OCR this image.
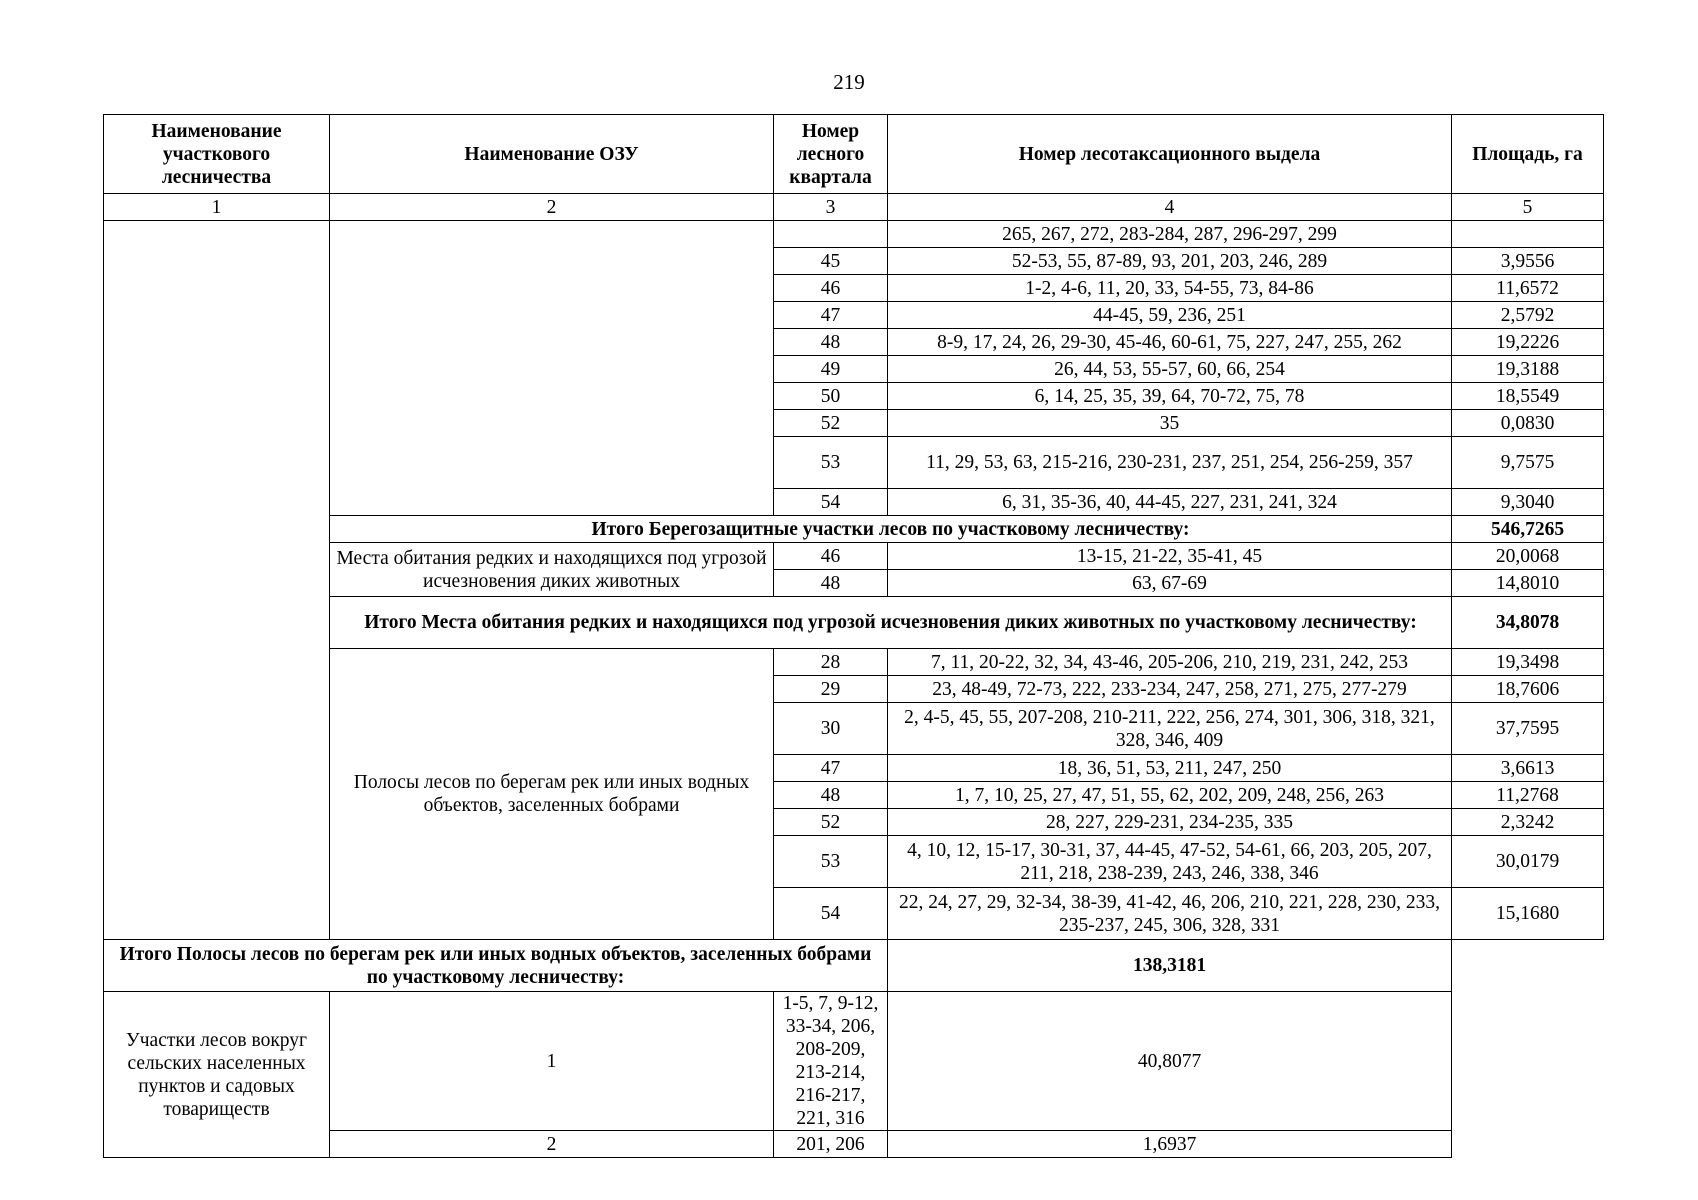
219
Наименование участкового лесничества	Наименование ОЗУ	Номер лесного квартала	Номер лесотаксационного выдела	Площадь, га
1	2	3	4	5
			265, 267, 272, 283-284, 287, 296-297, 299	
		45	52-53, 55, 87-89, 93, 201, 203, 246, 289	3,9556
		46	1-2, 4-6, 11, 20, 33, 54-55, 73, 84-86	11,6572
		47	44-45, 59, 236, 251	2,5792
		48	8-9, 17, 24, 26, 29-30, 45-46, 60-61, 75, 227, 247, 255, 262	19,2226
		49	26, 44, 53, 55-57, 60, 66, 254	19,3188
		50	6, 14, 25, 35, 39, 64, 70-72, 75, 78	18,5549
		52	35	0,0830
		53	11, 29, 53, 63, 215-216, 230-231, 237, 251, 254, 256-259, 357	9,7575
		54	6, 31, 35-36, 40, 44-45, 227, 231, 241, 324	9,3040
	Итого Берегозащитные участки лесов по участковому лесничеству:			546,7265
	Места обитания редких и находящихся под угрозой исчезновения диких животных	46	13-15, 21-22, 35-41, 45	20,0068
		48	63, 67-69	14,8010
	Итого Места обитания редких и находящихся под угрозой исчезновения диких животных по участковому лесничеству:			34,8078
	Полосы лесов по берегам рек или иных водных объектов, заселенных бобрами	28	7, 11, 20-22, 32, 34, 43-46, 205-206, 210, 219, 231, 242, 253	19,3498
		29	23, 48-49, 72-73, 222, 233-234, 247, 258, 271, 275, 277-279	18,7606
		30	2, 4-5, 45, 55, 207-208, 210-211, 222, 256, 274, 301, 306, 318, 321, 328, 346, 409	37,7595
		47	18, 36, 51, 53, 211, 247, 250	3,6613
		48	1, 7, 10, 25, 27, 47, 51, 55, 62, 202, 209, 248, 256, 263	11,2768
		52	28, 227, 229-231, 234-235, 335	2,3242
		53	4, 10, 12, 15-17, 30-31, 37, 44-45, 47-52, 54-61, 66, 203, 205, 207, 211, 218, 238-239, 243, 246, 338, 346	30,0179
		54	22, 24, 27, 29, 32-34, 38-39, 41-42, 46, 206, 210, 221, 228, 230, 233, 235-237, 245, 306, 328, 331	15,1680
Итого Полосы лесов по берегам рек или иных водных объектов, заселенных бобрами по участковому лесничеству:			138,3181	
Участки лесов вокруг сельских населенных пунктов и садовых товариществ	1	1-5, 7, 9-12, 33-34, 206, 208-209, 213-214, 216-217, 221, 316	40,8077	
	2	201, 206	1,6937	
